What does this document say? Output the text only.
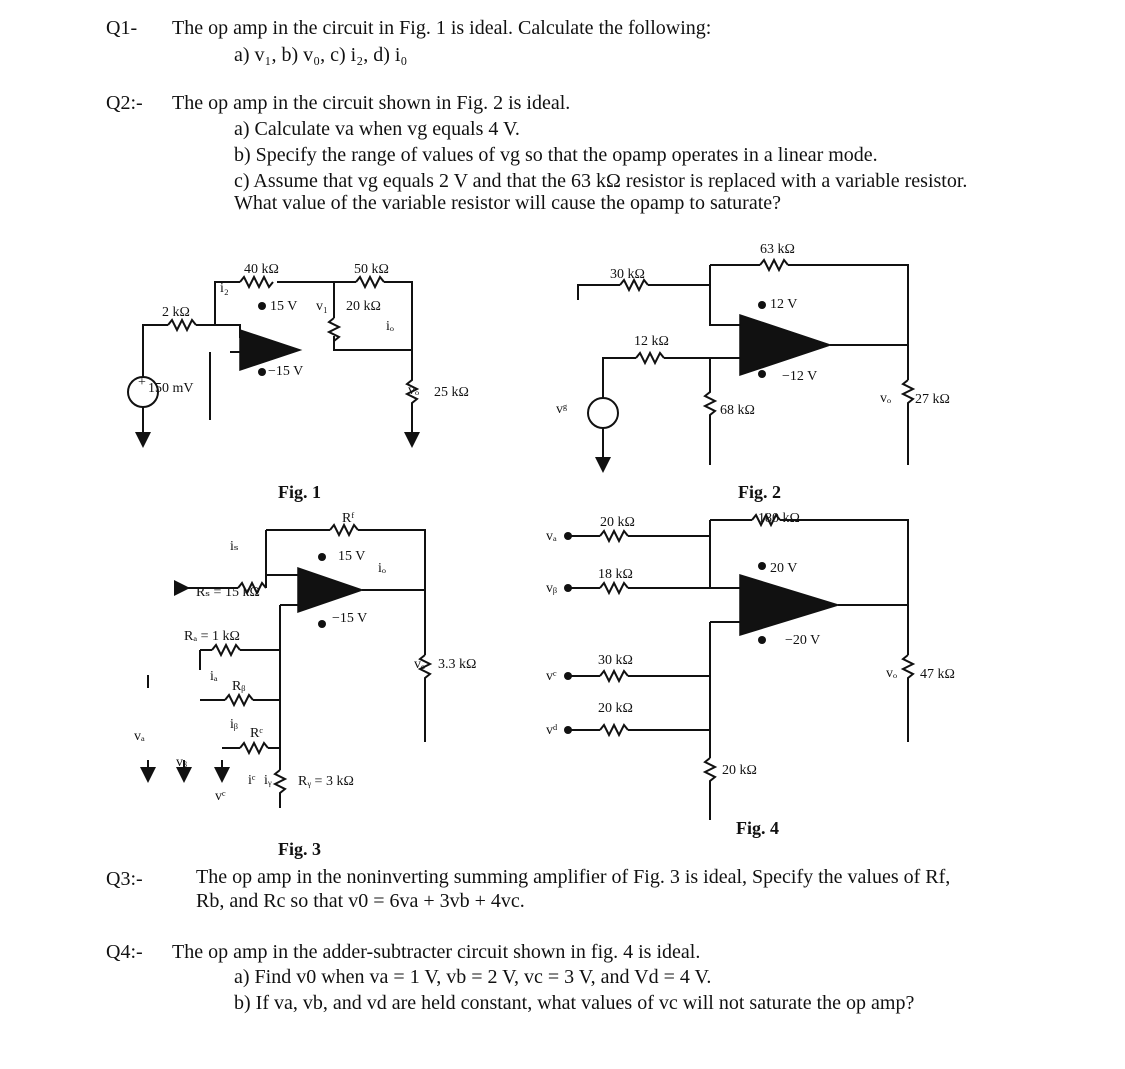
Q1- The op amp in the circuit in Fig. 1 is ideal. Calculate the following:
a) v₁, b) v₀, c) i₂, d) i₀
Q2:- The op amp in the circuit shown in Fig. 2 is ideal.
a) Calculate va when vg equals 4 V.
b) Specify the range of values of vg so that the opamp operates in a linear mode.
c) Assume that vg equals 2 V and that the 63 kΩ resistor is replaced with a variable resistor.
What value of the variable resistor will cause the opamp to saturate?
Q3:-	The op amp in the noninverting summing amplifier of Fig. 3 is ideal, Specify the values of Rf,
Rb, and Rc so that v0 = 6va + 3vb + 4vc.
Q4:- The op amp in the adder-subtracter circuit shown in fig. 4 is ideal.
a) Find v0 when va = 1 V, vb = 2 V, vc = 3 V, and Vd = 4 V.
b) If va, vb, and vd are held constant, what values of vc will not saturate the op amp?
+ 150 mV
2 kΩ
40 kΩ	50 kΩ
15 V
−15 V
20 kΩ
25 kΩ
i₂
v₁
iₒ
vₒ
Fig. 1
63 kΩ
30 kΩ
12 kΩ
68 kΩ
27 kΩ
12 V
−12 V
vᵍ
vₒ
Fig. 2
Rᶠ
Rₛ = 15 kΩ
Rₐ = 1 kΩ
Rᵦ
Rᶜ
Rᵧ = 3 kΩ
3.3 kΩ
15 V
−15 V
iₛ
iₐ
iᵦ
iᶜ iᵧ
iₒ
vₐ
vᵦ
vᶜ
vₒ
Fig. 3
20 kΩ	180 kΩ
18 kΩ
30 kΩ
20 kΩ
20 kΩ
47 kΩ
20 V
−20 V
vₐ
vᵦ
vᶜ
vᵈ
vₒ
Fig. 4
